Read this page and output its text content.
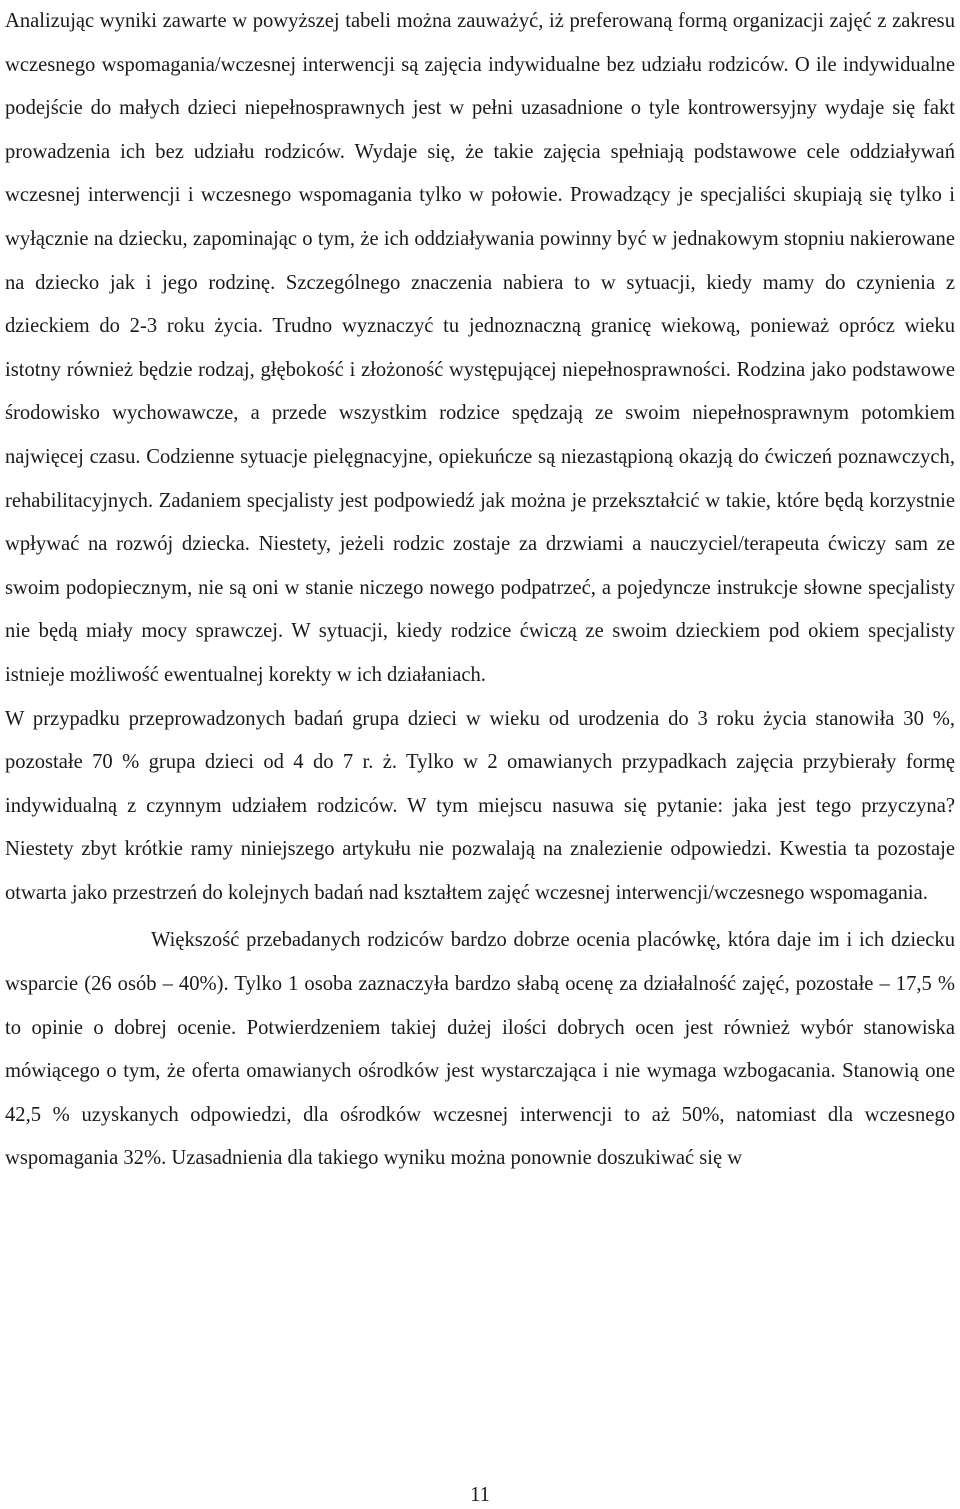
Analizując wyniki zawarte w powyższej tabeli można zauważyć, iż preferowaną formą organizacji zajęć z zakresu wczesnego wspomagania/wczesnej interwencji są zajęcia indywidualne bez udziału rodziców. O ile indywidualne podejście do małych dzieci niepełnosprawnych jest w pełni uzasadnione o tyle kontrowersyjny wydaje się fakt prowadzenia ich bez udziału rodziców. Wydaje się, że takie zajęcia spełniają podstawowe cele oddziaływań wczesnej interwencji i wczesnego wspomagania tylko w połowie. Prowadzący je specjaliści skupiają się tylko i wyłącznie na dziecku, zapominając o tym, że ich oddziaływania powinny być w jednakowym stopniu nakierowane na dziecko jak i jego rodzinę. Szczególnego znaczenia nabiera to w sytuacji, kiedy mamy do czynienia z dzieckiem do 2-3 roku życia. Trudno wyznaczyć tu jednoznaczną granicę wiekową, ponieważ oprócz wieku istotny również będzie rodzaj, głębokość i złożoność występującej niepełnosprawności. Rodzina jako podstawowe środowisko wychowawcze, a przede wszystkim rodzice spędzają ze swoim niepełnosprawnym potomkiem najwięcej czasu. Codzienne sytuacje pielęgnacyjne, opiekuńcze są niezastąpioną okazją do ćwiczeń poznawczych, rehabilitacyjnych. Zadaniem specjalisty jest podpowiedź jak można je przekształcić w takie, które będą korzystnie wpływać na rozwój dziecka. Niestety, jeżeli rodzic zostaje za drzwiami a nauczyciel/terapeuta ćwiczy sam ze swoim podopiecznym, nie są oni w stanie niczego nowego podpatrzeć, a pojedyncze instrukcje słowne specjalisty nie będą miały mocy sprawczej. W sytuacji, kiedy rodzice ćwiczą ze swoim dzieckiem pod okiem specjalisty istnieje możliwość ewentualnej korekty w ich działaniach.

W przypadku przeprowadzonych badań grupa dzieci w wieku od urodzenia do 3 roku życia stanowiła 30 %, pozostałe 70 % grupa dzieci od 4 do 7 r. ż. Tylko w 2 omawianych przypadkach zajęcia przybierały formę indywidualną z czynnym udziałem rodziców. W tym miejscu nasuwa się pytanie: jaka jest tego przyczyna? Niestety zbyt krótkie ramy niniejszego artykułu nie pozwalają na znalezienie odpowiedzi. Kwestia ta pozostaje otwarta jako przestrzeń do kolejnych badań nad kształtem zajęć wczesnej interwencji/wczesnego wspomagania.

Większość przebadanych rodziców bardzo dobrze ocenia placówkę, która daje im i ich dziecku wsparcie (26 osób – 40%). Tylko 1 osoba zaznaczyła bardzo słabą ocenę za działalność zajęć, pozostałe – 17,5 % to opinie o dobrej ocenie. Potwierdzeniem takiej dużej ilości dobrych ocen jest również wybór stanowiska mówiącego o tym, że oferta omawianych ośrodków jest wystarczająca i nie wymaga wzbogacania. Stanowią one 42,5 % uzyskanych odpowiedzi, dla ośrodków wczesnej interwencji to aż 50%, natomiast dla wczesnego wspomagania 32%. Uzasadnienia dla takiego wyniku można ponownie doszukiwać się w

11
